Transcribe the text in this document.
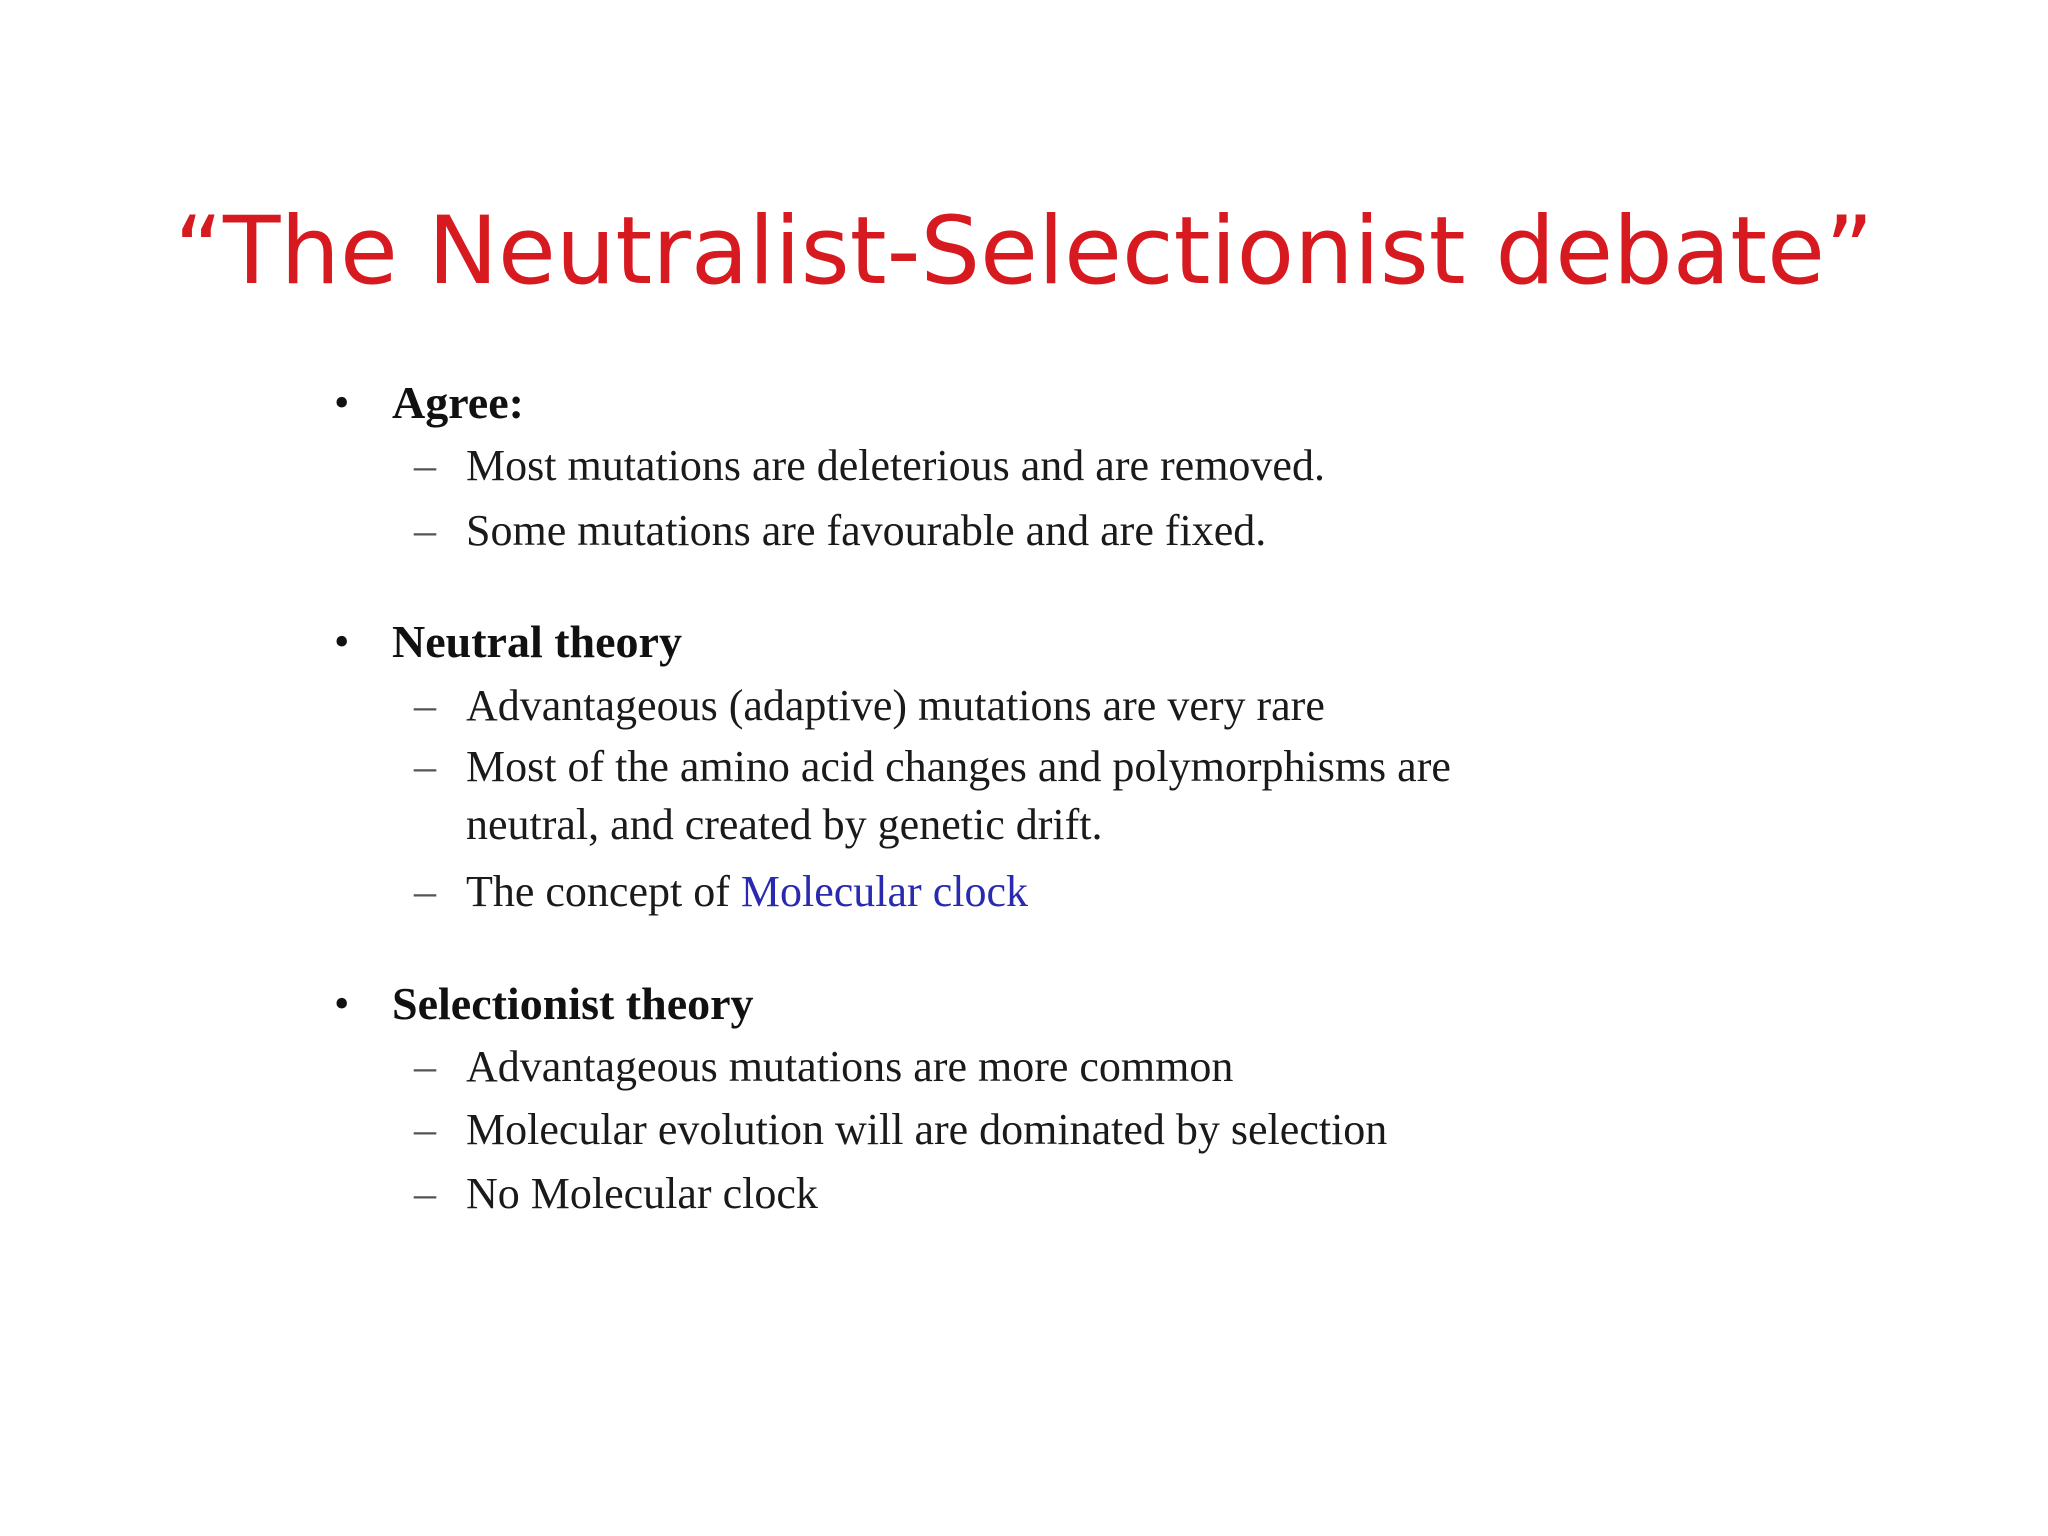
“The Neutralist-Selectionist debate”
• Agree:
– Most mutations are deleterious and are removed.
– Some mutations are favourable and are fixed.
• Neutral theory
– Advantageous (adaptive) mutations are very rare
– Most of the amino acid changes and polymorphisms are
neutral, and created by genetic drift.
– The concept of Molecular clock
• Selectionist theory
– Advantageous mutations are more common
– Molecular evolution will are dominated by selection
– No Molecular clock
